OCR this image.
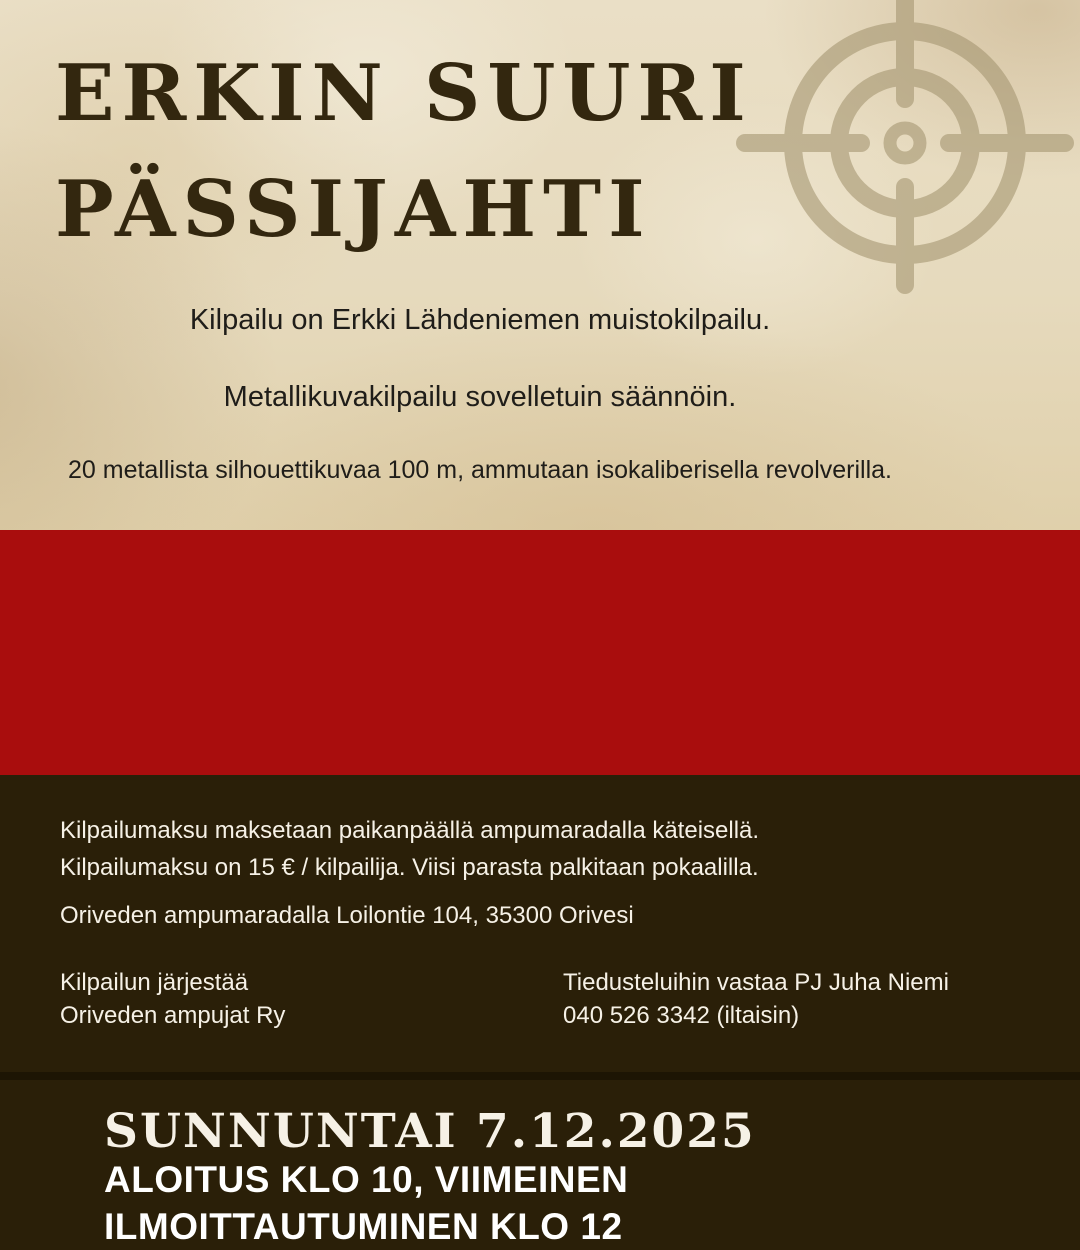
ERKIN SUURI
PÄSSIJAHTI
Kilpailu on Erkki Lähdeniemen muistokilpailu.
Metallikuvakilpailu sovelletuin säännöin.
20 metallista silhouettikuvaa 100 m, ammutaan isokaliberisella revolverilla.
SUNNUNTAI 7.12.2025
ALOITUS KLO 10, VIIMEINEN
ILMOITTAUTUMINEN KLO 12
Kilpailumaksu maksetaan paikanpäällä ampumaradalla käteisellä.
Kilpailumaksu on 15 € / kilpailija. Viisi parasta palkitaan pokaalilla.
Oriveden ampumaradalla Loilontie 104, 35300 Orivesi
Kilpailun järjestää
Oriveden ampujat Ry
Tiedusteluihin vastaa PJ Juha Niemi
040 526 3342 (iltaisin)
